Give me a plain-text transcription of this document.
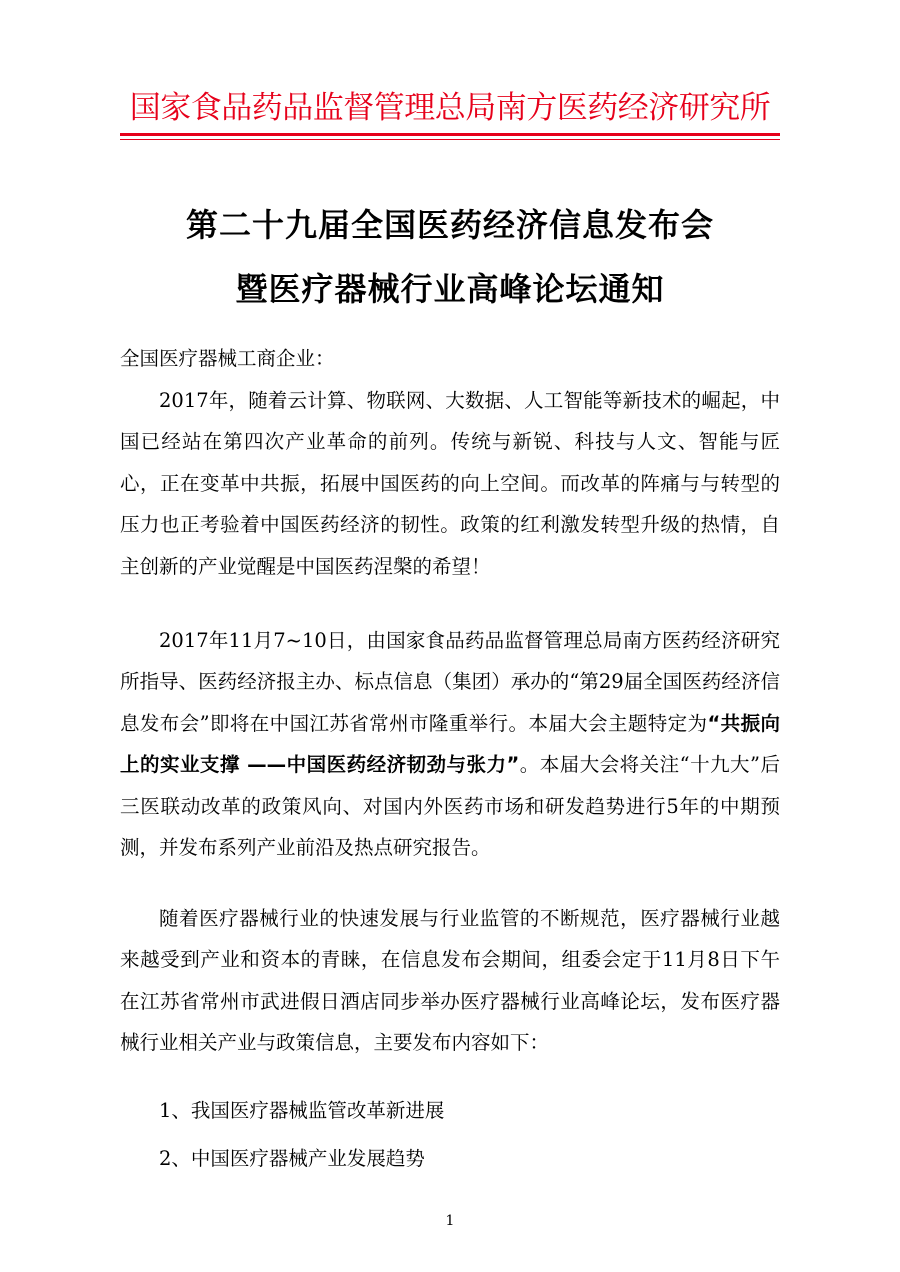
国家食品药品监督管理总局南方医药经济研究所
第二十九届全国医药经济信息发布会
暨医疗器械行业高峰论坛通知
全国医疗器械工商企业：

2017年，随着云计算、物联网、大数据、人工智能等新技术的崛起，中国已经站在第四次产业革命的前列。传统与新锐、科技与人文、智能与匠心，正在变革中共振，拓展中国医药的向上空间。而改革的阵痛与与转型的压力也正考验着中国医药经济的韧性。政策的红利激发转型升级的热情，自主创新的产业觉醒是中国医药涅槃的希望！

2017年11月7~10日，由国家食品药品监督管理总局南方医药经济研究所指导、医药经济报主办、标点信息（集团）承办的“第29届全国医药经济信息发布会”即将在中国江苏省常州市隆重举行。本届大会主题特定为“共振向上的实业支撑 ——中国医药经济韧劲与张力”。本届大会将关注“十九大”后三医联动改革的政策风向、对国内外医药市场和研发趋势进行5年的中期预测，并发布系列产业前沿及热点研究报告。

随着医疗器械行业的快速发展与行业监管的不断规范，医疗器械行业越来越受到产业和资本的青睐，在信息发布会期间，组委会定于11月8日下午在江苏省常州市武进假日酒店同步举办医疗器械行业高峰论坛，发布医疗器械行业相关产业与政策信息，主要发布内容如下：

1、我国医疗器械监管改革新进展

2、中国医疗器械产业发展趋势

1
